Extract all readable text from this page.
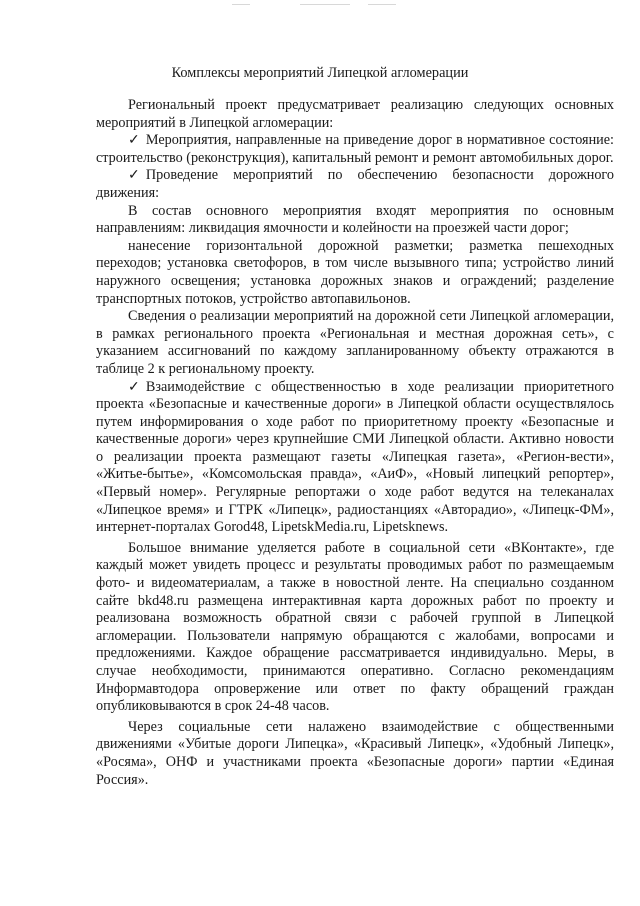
Комплексы мероприятий Липецкой агломерации

Региональный проект предусматривает реализацию следующих основных мероприятий в Липецкой агломерации:

✓ Мероприятия, направленные на приведение дорог в нормативное состояние: строительство (реконструкция), капитальный ремонт и ремонт автомобильных дорог.

✓ Проведение мероприятий по обеспечению безопасности дорожного движения:

В состав основного мероприятия входят мероприятия по основным направлениям: ликвидация ямочности и колейности на проезжей части дорог;

нанесение горизонтальной дорожной разметки; разметка пешеходных переходов; установка светофоров, в том числе вызывного типа; устройство линий наружного освещения; установка дорожных знаков и ограждений; разделение транспортных потоков, устройство автопавильонов.

Сведения о реализации мероприятий на дорожной сети Липецкой агломерации, в рамках регионального проекта «Региональная и местная дорожная сеть», с указанием ассигнований по каждому запланированному объекту отражаются в таблице 2 к региональному проекту.

✓ Взаимодействие с общественностью в ходе реализации приоритетного проекта «Безопасные и качественные дороги» в Липецкой области осуществлялось путем информирования о ходе работ по приоритетному проекту «Безопасные и качественные дороги» через крупнейшие СМИ Липецкой области. Активно новости о реализации проекта размещают газеты «Липецкая газета», «Регион-вести», «Житье-бытье», «Комсомольская правда», «АиФ», «Новый липецкий репортер», «Первый номер». Регулярные репортажи о ходе работ ведутся на телеканалах «Липецкое время» и ГТРК «Липецк», радиостанциях «Авторадио», «Липецк-ФМ», интернет-порталах Gorod48, LipetskMedia.ru, Lipetsknews.

Большое внимание уделяется работе в социальной сети «ВКонтакте», где каждый может увидеть процесс и результаты проводимых работ по размещаемым фото- и видеоматериалам, а также в новостной ленте. На специально созданном сайте bkd48.ru размещена интерактивная карта дорожных работ по проекту и реализована возможность обратной связи с рабочей группой в Липецкой агломерации. Пользователи напрямую обращаются с жалобами, вопросами и предложениями. Каждое обращение рассматривается индивидуально. Меры, в случае необходимости, принимаются оперативно. Согласно рекомендациям Информавтодора опровержение или ответ по факту обращений граждан опубликовываются в срок 24-48 часов.

Через социальные сети налажено взаимодействие с общественными движениями «Убитые дороги Липецка», «Красивый Липецк», «Удобный Липецк», «Росяма», ОНФ и участниками проекта «Безопасные дороги» партии «Единая Россия».
